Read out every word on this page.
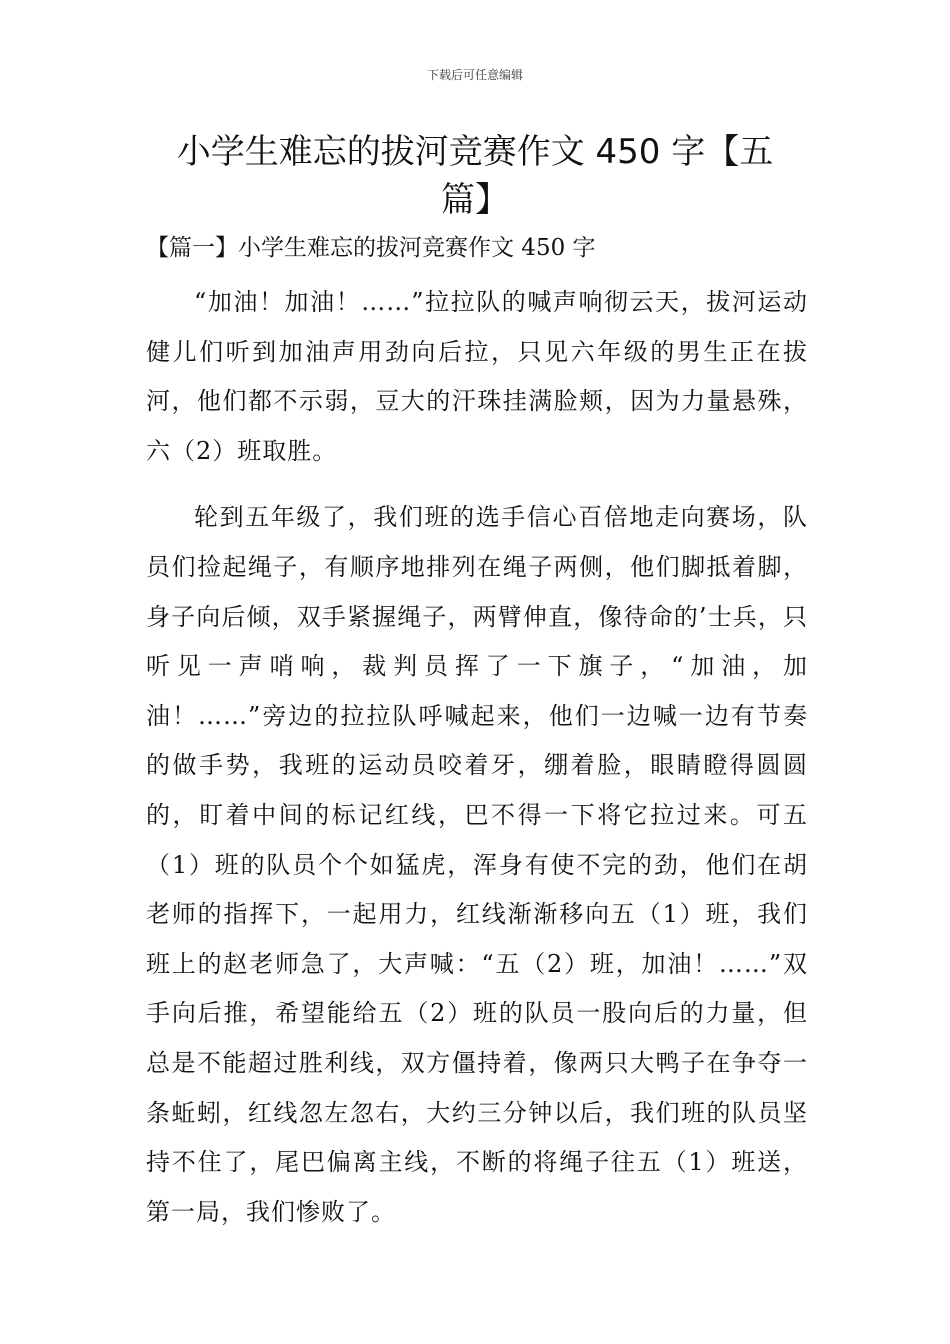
下载后可任意编辑
小学生难忘的拔河竞赛作文 450 字【五
篇】
【篇一】小学生难忘的拔河竞赛作文 450 字

“加油！加油！……”拉拉队的喊声响彻云天，拔河运动健儿们听到加油声用劲向后拉，只见六年级的男生正在拔河，他们都不示弱，豆大的汗珠挂满脸颊，因为力量悬殊，六（2）班取胜。

轮到五年级了，我们班的选手信心百倍地走向赛场，队员们捡起绳子，有顺序地排列在绳子两侧，他们脚抵着脚，身子向后倾，双手紧握绳子，两臂伸直，像待命的’士兵，只听见一声哨响，裁判员挥了一下旗子，“加油，加油！……”旁边的拉拉队呼喊起来，他们一边喊一边有节奏的做手势，我班的运动员咬着牙，绷着脸，眼睛瞪得圆圆的，盯着中间的标记红线，巴不得一下将它拉过来。可五（1）班的队员个个如猛虎，浑身有使不完的劲，他们在胡老师的指挥下，一起用力，红线渐渐移向五（1）班，我们班上的赵老师急了，大声喊：“五（2）班，加油！……”双手向后推，希望能给五（2）班的队员一股向后的力量，但总是不能超过胜利线，双方僵持着，像两只大鸭子在争夺一条蚯蚓，红线忽左忽右，大约三分钟以后，我们班的队员坚持不住了，尾巴偏离主线，不断的将绳子往五（1）班送，第一局，我们惨败了。
